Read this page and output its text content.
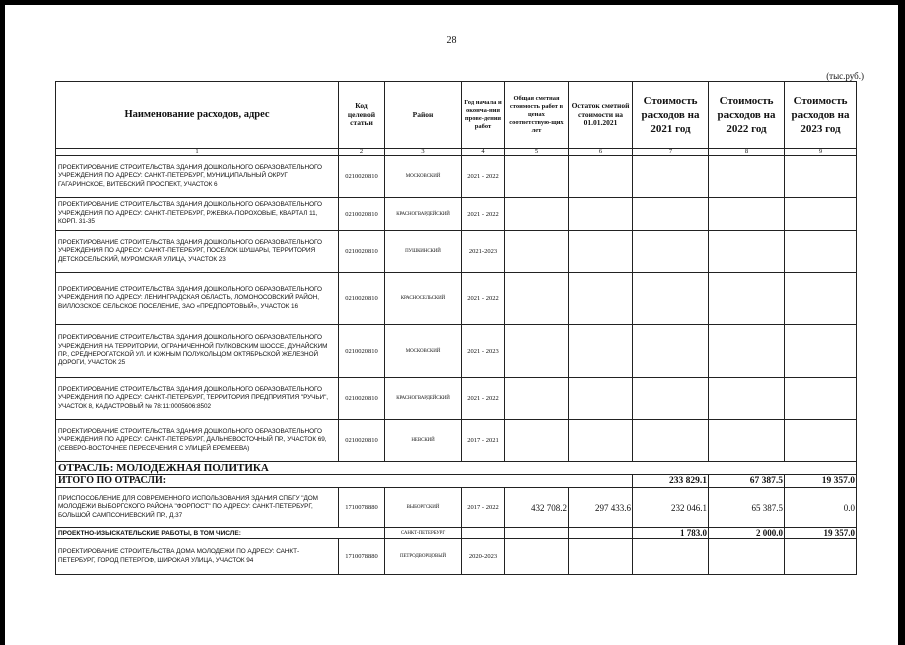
28
(тыс.руб.)
Наименование расходов, адрес	Код целевой статьи	Район	Год начала и оконча-ния прове-дения работ	Общая сметная стоимость работ в ценах соответствую-щих лет	Остаток сметной стоимости на 01.01.2021	Стоимость расходов на 2021 год	Стоимость расходов на 2022 год	Стоимость расходов на 2023 год
1	2	3	4	5	6	7	8	9
ПРОЕКТИРОВАНИЕ СТРОИТЕЛЬСТВА ЗДАНИЯ ДОШКОЛЬНОГО ОБРАЗОВАТЕЛЬНОГО УЧРЕЖДЕНИЯ ПО АДРЕСУ: САНКТ-ПЕТЕРБУРГ, МУНИЦИПАЛЬНЫЙ ОКРУГ ГАГАРИНСКОЕ, ВИТЕБСКИЙ ПРОСПЕКТ, УЧАСТОК 6	0210020810	МОСКОВСКИЙ	2021 - 2022					
ПРОЕКТИРОВАНИЕ СТРОИТЕЛЬСТВА ЗДАНИЯ ДОШКОЛЬНОГО ОБРАЗОВАТЕЛЬНОГО УЧРЕЖДЕНИЯ ПО АДРЕСУ: САНКТ-ПЕТЕРБУРГ, РЖЕВКА-ПОРОХОВЫЕ, КВАРТАЛ 11, КОРП. 31-35	0210020810	КРАСНОГВАРДЕЙСКИЙ	2021 - 2022					
ПРОЕКТИРОВАНИЕ СТРОИТЕЛЬСТВА ЗДАНИЯ ДОШКОЛЬНОГО ОБРАЗОВАТЕЛЬНОГО УЧРЕЖДЕНИЯ ПО АДРЕСУ: САНКТ-ПЕТЕРБУРГ, ПОСЕЛОК ШУШАРЫ, ТЕРРИТОРИЯ ДЕТСКОСЕЛЬСКИЙ, МУРОМСКАЯ УЛИЦА, УЧАСТОК 23	0210020810	ПУШКИНСКИЙ	2021-2023					
ПРОЕКТИРОВАНИЕ СТРОИТЕЛЬСТВА ЗДАНИЯ ДОШКОЛЬНОГО ОБРАЗОВАТЕЛЬНОГО УЧРЕЖДЕНИЯ ПО АДРЕСУ: ЛЕНИНГРАДСКАЯ ОБЛАСТЬ, ЛОМОНОСОВСКИЙ РАЙОН, ВИЛЛОЗСКОЕ СЕЛЬСКОЕ ПОСЕЛЕНИЕ, ЗАО «ПРЕДПОРТОВЫЙ», УЧАСТОК 16	0210020810	КРАСНОСЕЛЬСКИЙ	2021 - 2022					
ПРОЕКТИРОВАНИЕ СТРОИТЕЛЬСТВА ЗДАНИЯ ДОШКОЛЬНОГО ОБРАЗОВАТЕЛЬНОГО УЧРЕЖДЕНИЯ НА ТЕРРИТОРИИ, ОГРАНИЧЕННОЙ ПУЛКОВСКИМ ШОССЕ, ДУНАЙСКИМ ПР., СРЕДНЕРОГАТСКОЙ УЛ. И ЮЖНЫМ ПОЛУКОЛЬЦОМ ОКТЯБРЬСКОЙ ЖЕЛЕЗНОЙ ДОРОГИ, УЧАСТОК 25	0210020810	МОСКОВСКИЙ	2021 - 2023					
ПРОЕКТИРОВАНИЕ СТРОИТЕЛЬСТВА ЗДАНИЯ ДОШКОЛЬНОГО ОБРАЗОВАТЕЛЬНОГО УЧРЕЖДЕНИЯ ПО АДРЕСУ: САНКТ-ПЕТЕРБУРГ, ТЕРРИТОРИЯ ПРЕДПРИЯТИЯ "РУЧЬИ", УЧАСТОК 8, КАДАСТРОВЫЙ № 78:11:0005606:8502	0210020810	КРАСНОГВАРДЕЙСКИЙ	2021 - 2022					
ПРОЕКТИРОВАНИЕ СТРОИТЕЛЬСТВА ЗДАНИЯ ДОШКОЛЬНОГО ОБРАЗОВАТЕЛЬНОГО УЧРЕЖДЕНИЯ ПО АДРЕСУ: САНКТ-ПЕТЕРБУРГ, ДАЛЬНЕВОСТОЧНЫЙ ПР., УЧАСТОК 69, (СЕВЕРО-ВОСТОЧНЕЕ ПЕРЕСЕЧЕНИЯ С УЛИЦЕЙ ЕРЕМЕЕВА)	0210020810	НЕВСКИЙ	2017 - 2021					
ОТРАСЛЬ: МОЛОДЕЖНАЯ ПОЛИТИКА								
ИТОГО ПО ОТРАСЛИ:						233 829.1	67 387.5	19 357.0
ПРИСПОСОБЛЕНИЕ ДЛЯ СОВРЕМЕННОГО ИСПОЛЬЗОВАНИЯ ЗДАНИЯ СПБГУ "ДОМ МОЛОДЕЖИ ВЫБОРГСКОГО РАЙОНА "ФОРПОСТ" ПО АДРЕСУ: САНКТ-ПЕТЕРБУРГ, БОЛЬШОЙ САМПСОНИЕВСКИЙ ПР., Д.37	1710078880	ВЫБОРГСКИЙ	2017 - 2022	432 708.2	297 433.6	232 046.1	65 387.5	0.0
ПРОЕКТНО-ИЗЫСКАТЕЛЬСКИЕ РАБОТЫ, В ТОМ ЧИСЛЕ:		САНКТ-ПЕТЕРБУРГ				1 783.0	2 000.0	19 357.0
ПРОЕКТИРОВАНИЕ СТРОИТЕЛЬСТВА ДОМА МОЛОДЕЖИ ПО АДРЕСУ: САНКТ-ПЕТЕРБУРГ, ГОРОД ПЕТЕРГОФ, ШИРОКАЯ УЛИЦА, УЧАСТОК 94	1710078880	ПЕТРОДВОРЦОВЫЙ	2020-2023					
